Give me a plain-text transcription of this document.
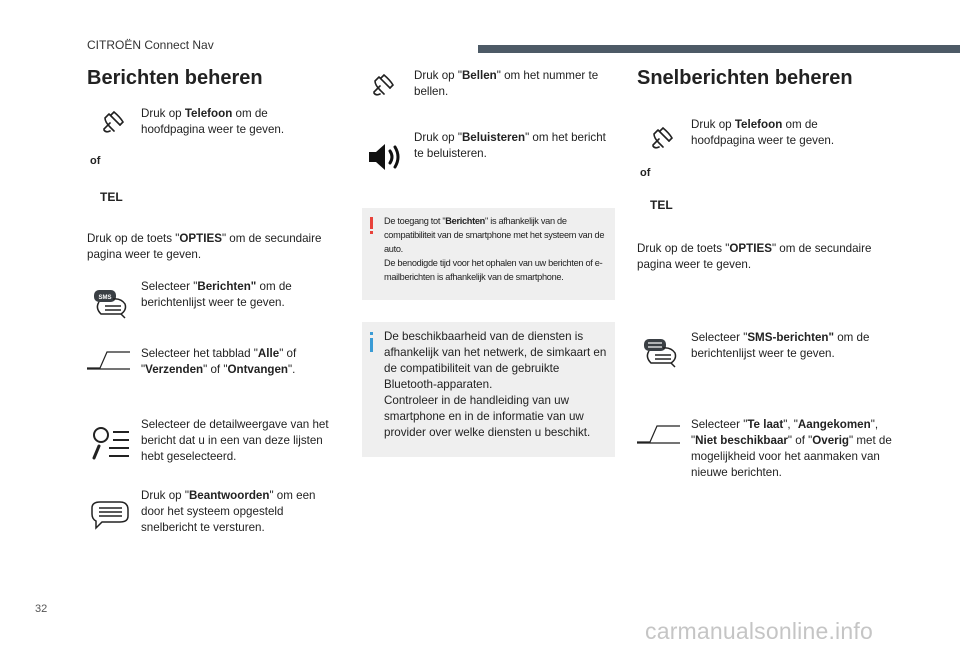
CITROËN Connect Nav
Berichten beheren
Druk op Telefoon om de hoofdpagina weer te geven.
of
TEL
Druk op de toets "OPTIES" om de secundaire pagina weer te geven.
SMS
Selecteer "Berichten" om de berichtenlijst weer te geven.
Selecteer het tabblad "Alle" of "Verzenden" of "Ontvangen".
Selecteer de detailweergave van het bericht dat u in een van deze lijsten hebt geselecteerd.
Druk op "Beantwoorden" om een door het systeem opgesteld snelbericht te versturen.
Druk op "Bellen" om het nummer te bellen.
Druk op "Beluisteren" om het bericht te beluisteren.
De toegang tot "Berichten" is afhankelijk van de compatibiliteit van de smartphone met het systeem van de auto.
De benodigde tijd voor het ophalen van uw berichten of e-mailberichten is afhankelijk van de smartphone.
De beschikbaarheid van de diensten is afhankelijk van het netwerk, de simkaart en de compatibiliteit van de gebruikte Bluetooth-apparaten.
Controleer in de handleiding van uw smartphone en in de informatie van uw provider over welke diensten u beschikt.
Snelberichten beheren
Druk op Telefoon om de hoofdpagina weer te geven.
of
TEL
Druk op de toets "OPTIES" om de secundaire pagina weer te geven.
Selecteer "SMS-berichten" om de berichtenlijst weer te geven.
Selecteer "Te laat", "Aangekomen", "Niet beschikbaar" of "Overig" met de mogelijkheid voor het aanmaken van nieuwe berichten.
32
carmanualsonline.info
